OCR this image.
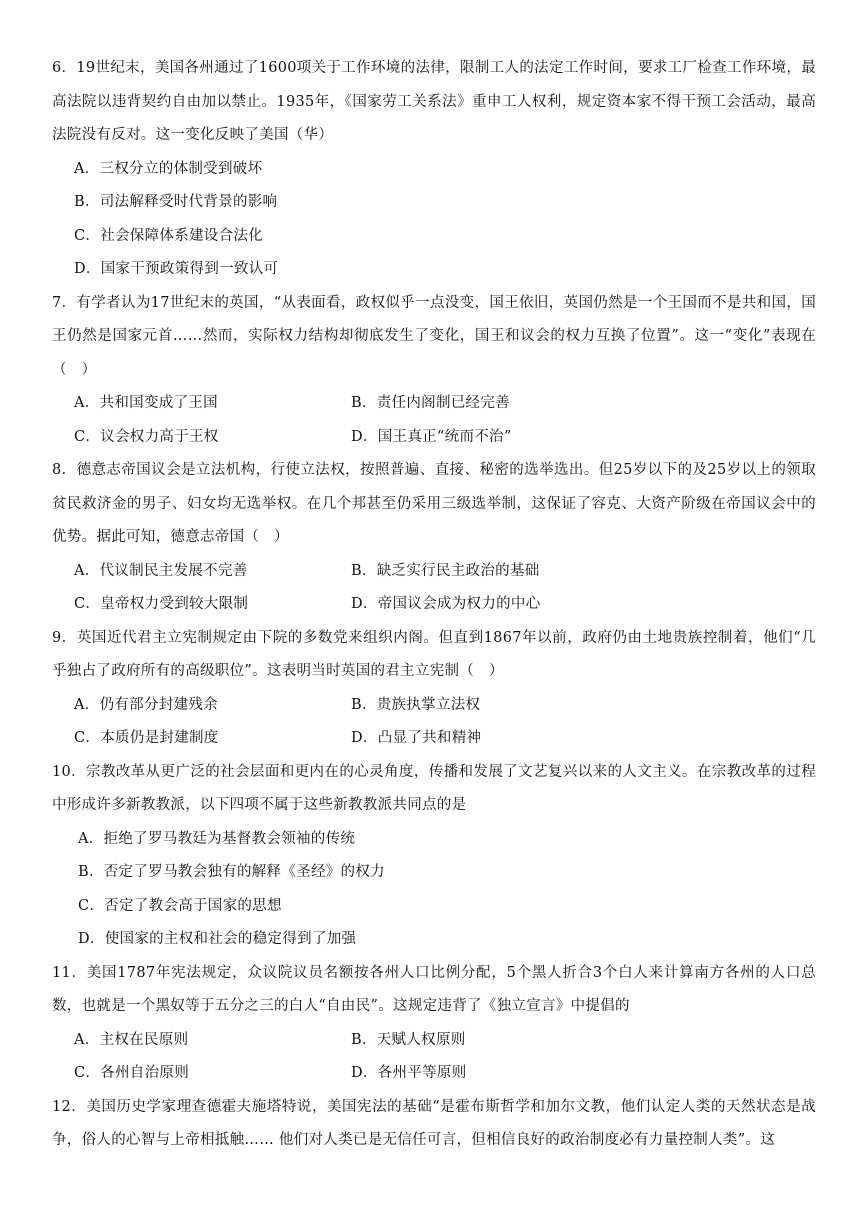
6．19世纪末，美国各州通过了1600项关于工作环境的法律，限制工人的法定工作时间，要求工厂检查工作环境，最高法院以违背契约自由加以禁止。1935年，《国家劳工关系法》重申工人权利，规定资本家不得干预工会活动，最高法院没有反对。这一变化反映了美国（华）

A．三权分立的体制受到破坏
B．司法解释受时代背景的影响
C．社会保障体系建设合法化
D．国家干预政策得到一致认可

7．有学者认为17世纪末的英国，“从表面看，政权似乎一点没变，国王依旧，英国仍然是一个王国而不是共和国，国王仍然是国家元首……然而，实际权力结构却彻底发生了变化，国王和议会的权力互换了位置”。这一“变化”表现在（　）

A．共和国变成了王国	B．责任内阁制已经完善
C．议会权力高于王权	D．国王真正“统而不治”

8．德意志帝国议会是立法机构，行使立法权，按照普遍、直接、秘密的选举选出。但25岁以下的及25岁以上的领取贫民救济金的男子、妇女均无选举权。在几个邦甚至仍采用三级选举制，这保证了容克、大资产阶级在帝国议会中的优势。据此可知，德意志帝国（　）

A．代议制民主发展不完善	B．缺乏实行民主政治的基础
C．皇帝权力受到较大限制	D．帝国议会成为权力的中心

9．英国近代君主立宪制规定由下院的多数党来组织内阁。但直到1867年以前，政府仍由土地贵族控制着，他们“几乎独占了政府所有的高级职位”。这表明当时英国的君主立宪制（　）

A．仍有部分封建残余	B．贵族执掌立法权
C．本质仍是封建制度	D．凸显了共和精神

10．宗教改革从更广泛的社会层面和更内在的心灵角度，传播和发展了文艺复兴以来的人文主义。在宗教改革的过程中形成许多新教教派，以下四项不属于这些新教教派共同点的是

A．拒绝了罗马教廷为基督教会领袖的传统
B．否定了罗马教会独有的解释《圣经》的权力
C．否定了教会高于国家的思想
D．使国家的主权和社会的稳定得到了加强

11．美国1787年宪法规定，众议院议员名额按各州人口比例分配，5个黑人折合3个白人来计算南方各州的人口总数，也就是一个黑奴等于五分之三的白人“自由民”。这规定违背了《独立宣言》中提倡的

A．主权在民原则	B．天赋人权原则
C．各州自治原则	D．各州平等原则

12．美国历史学家理查德霍夫施塔特说，美国宪法的基础“是霍布斯哲学和加尔文教，他们认定人类的天然状态是战争，俗人的心智与上帝相抵触…… 他们对人类已是无信任可言，但相信良好的政治制度必有力量控制人类”。这
